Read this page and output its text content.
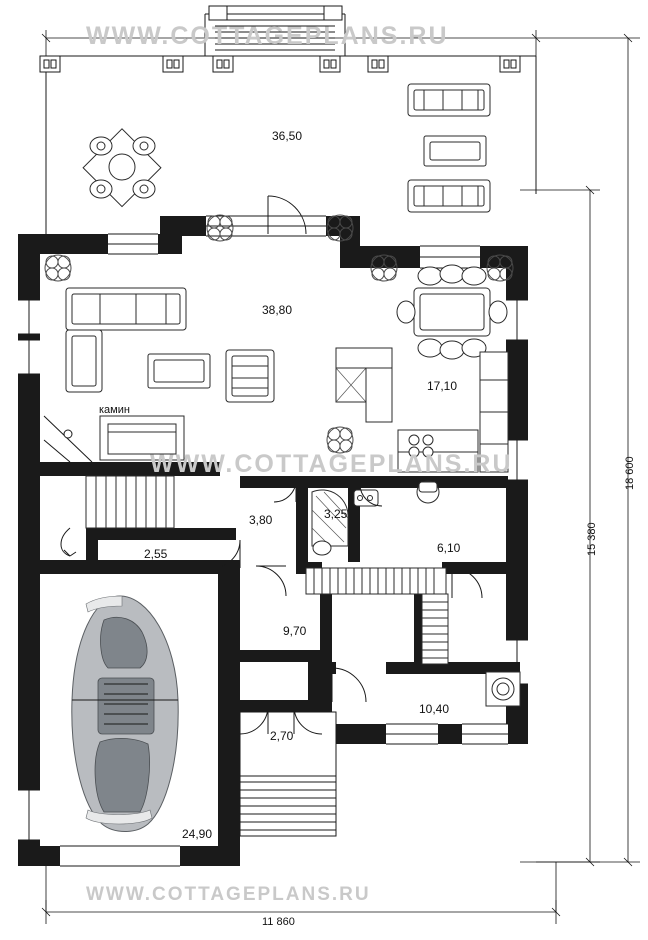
WWW.COTTAGEPLANS.RU
WWW.COTTAGEPLANS.RU
WWW.COTTAGEPLANS.RU
36,50
38,80
17,10
3,80	3,25
6,10
2,55
9,70
10,40
2,70
24,90
камин
11 860
18 600
15 380
